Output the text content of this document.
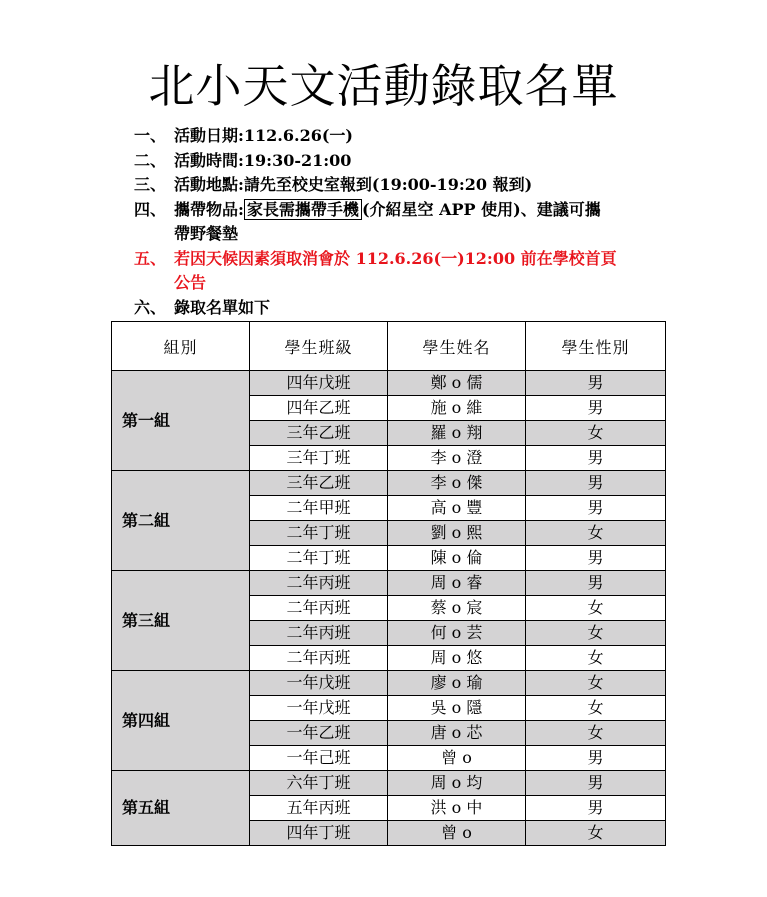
北小天文活動錄取名單
一、 活動日期:112.6.26(一)
二、 活動時間:19:30-21:00
三、 活動地點:請先至校史室報到(19:00-19:20 報到)
四、 攜帶物品: 家長需攜帶手機 (介紹星空 APP 使用)、建議可攜
帶野餐墊
五、 若因天候因素須取消會於 112.6.26(一)12:00 前在學校首頁
公告
六、 錄取名單如下
組別	學生班級	學生姓名	學生性別
第一組	四年戊班	鄭 o 儒	男
	四年乙班	施 o 維	男
	三年乙班	羅 o 翔	女
	三年丁班	李 o 澄	男
第二組	三年乙班	李 o 傑	男
	二年甲班	高 o 豐	男
	二年丁班	劉 o 熙	女
	二年丁班	陳 o 倫	男
第三組	二年丙班	周 o 睿	男
	二年丙班	蔡 o 宸	女
	二年丙班	何 o 芸	女
	二年丙班	周 o 悠	女
第四組	一年戊班	廖 o 瑜	女
	一年戊班	吳 o 隱	女
	一年乙班	唐 o 芯	女
	一年己班	曾 o	男
第五組	六年丁班	周 o 均	男
	五年丙班	洪 o 中	男
	四年丁班	曾 o	女
